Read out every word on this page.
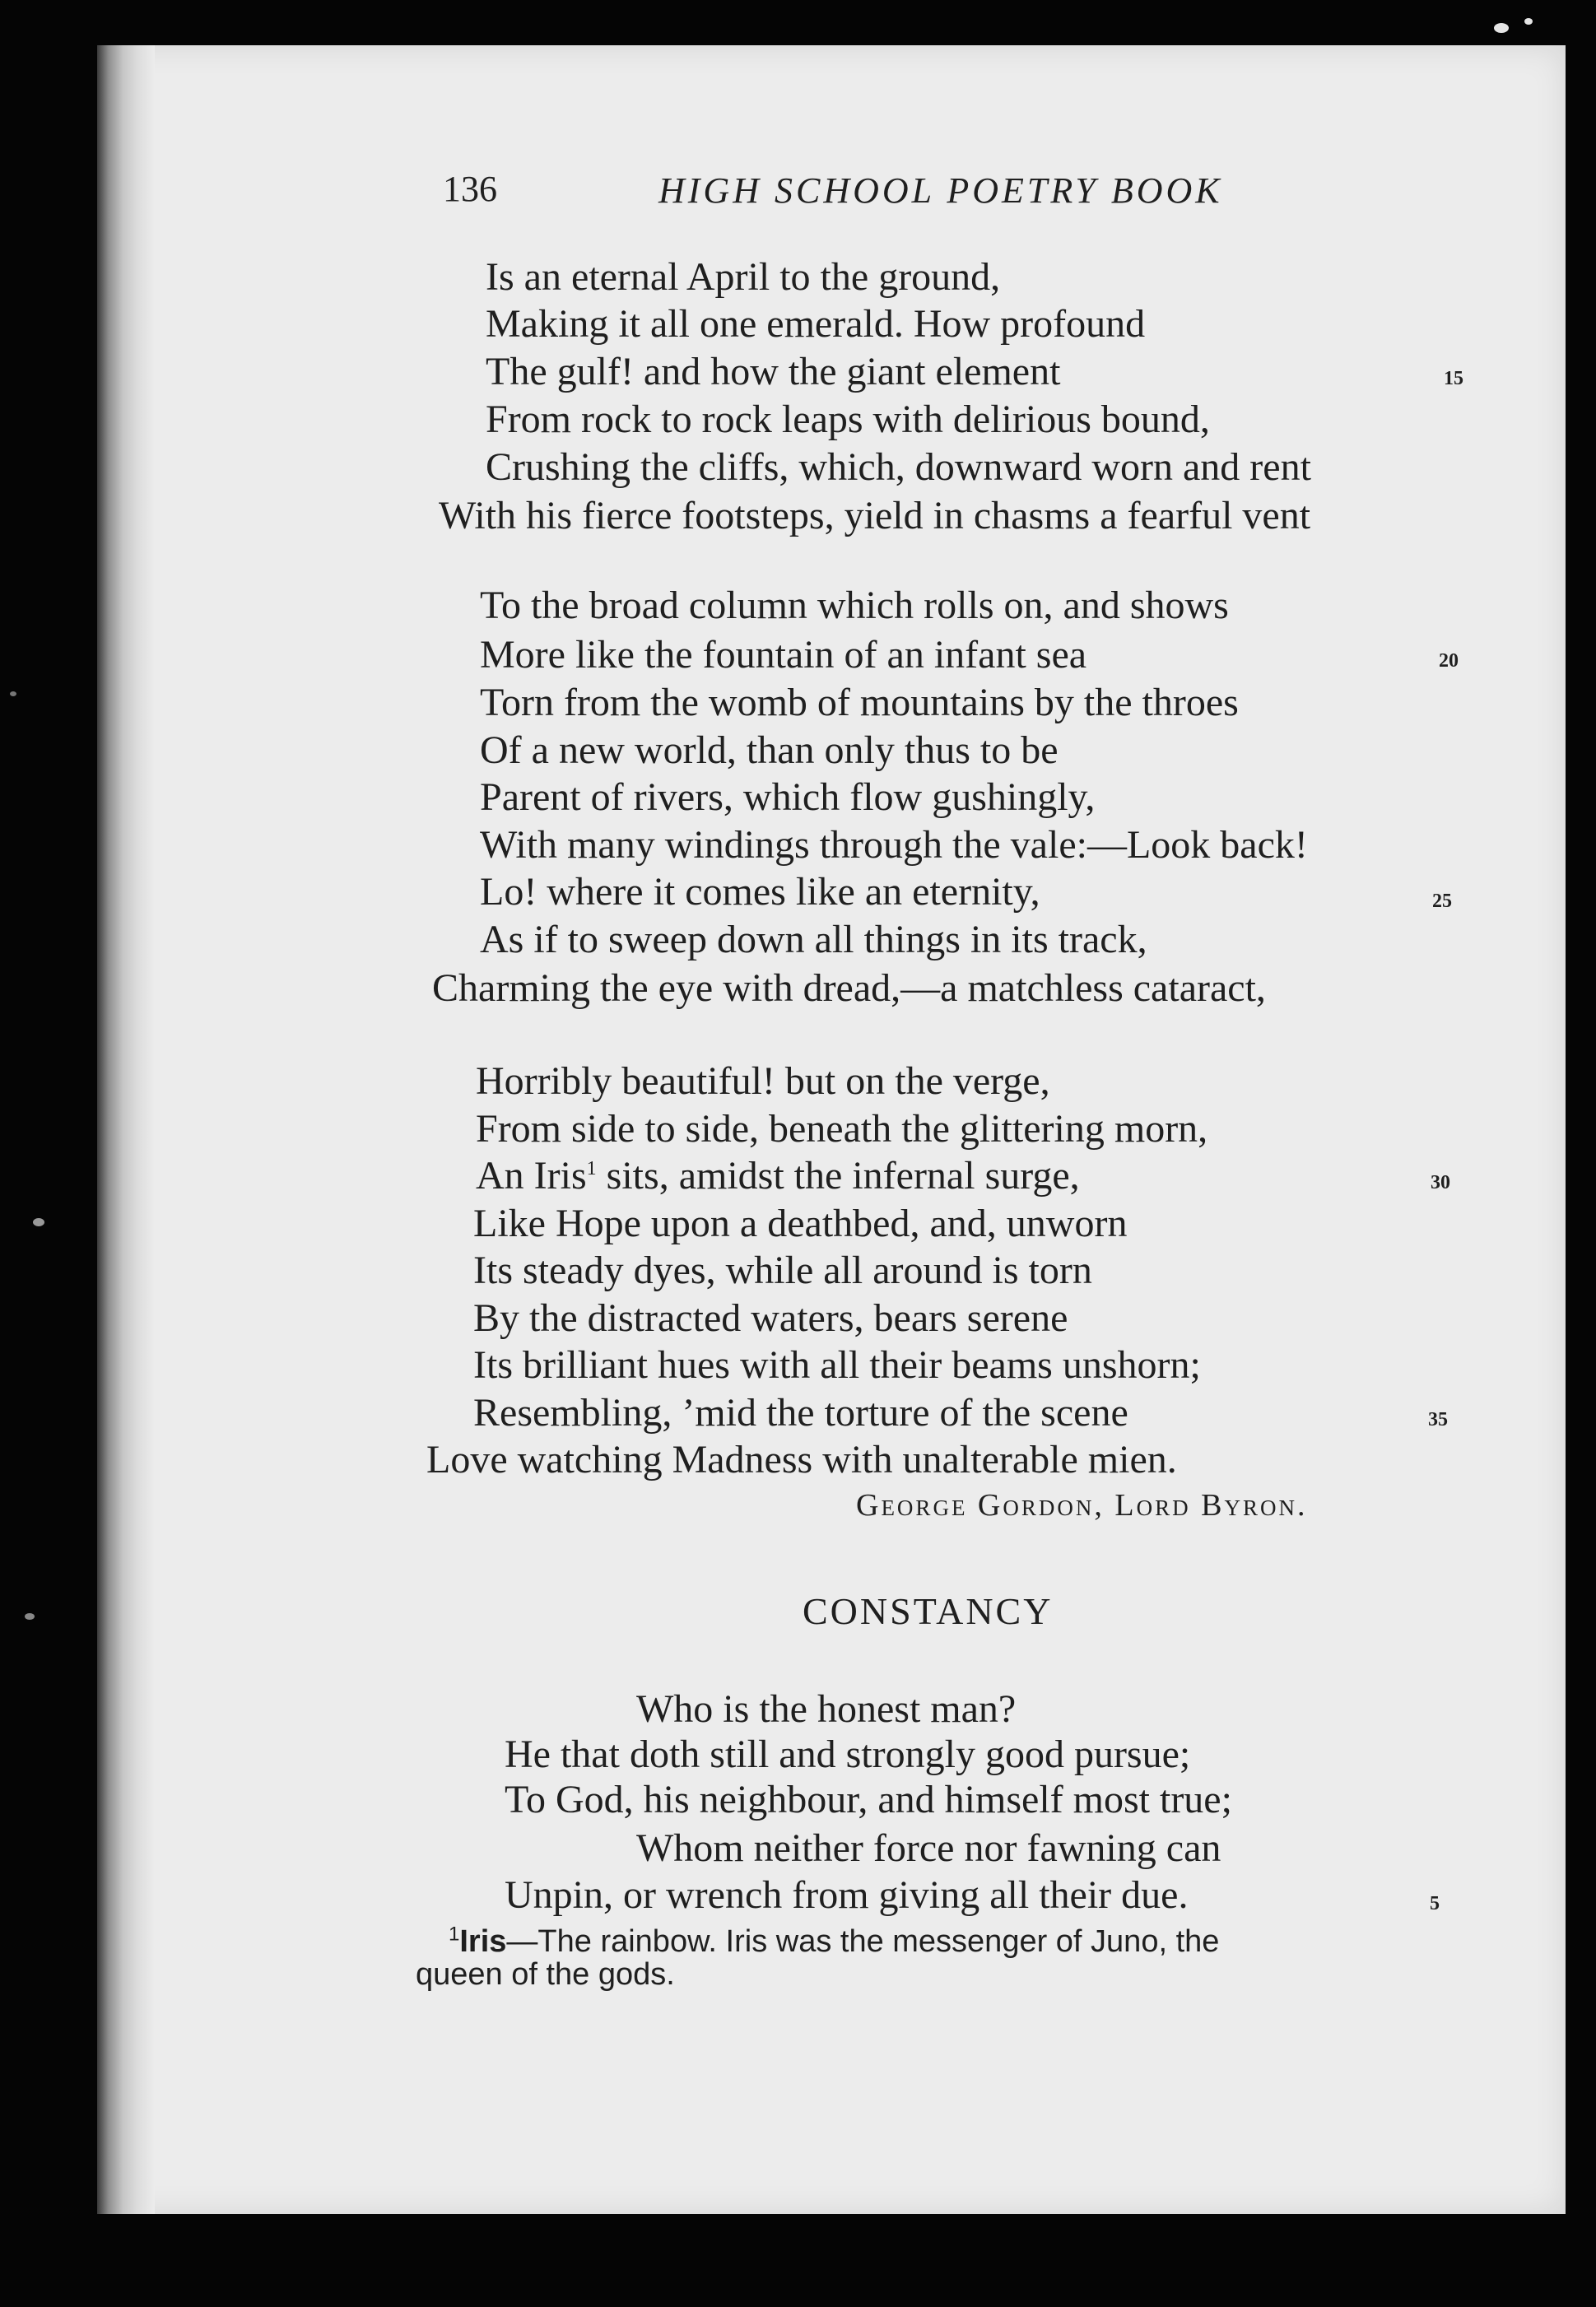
136	HIGH SCHOOL POETRY BOOK
Is an eternal April to the ground,
Making it all one emerald. How profound
The gulf! and how the giant element
From rock to rock leaps with delirious bound,
Crushing the cliffs, which, downward worn and rent
With his fierce footsteps, yield in chasms a fearful vent
To the broad column which rolls on, and shows
More like the fountain of an infant sea
Torn from the womb of mountains by the throes
Of a new world, than only thus to be
Parent of rivers, which flow gushingly,
With many windings through the vale:—Look back!
Lo! where it comes like an eternity,
As if to sweep down all things in its track,
Charming the eye with dread,—a matchless cataract,
Horribly beautiful! but on the verge,
From side to side, beneath the glittering morn,
An Iris$^1$ sits, amidst the infernal surge,
Like Hope upon a deathbed, and, unworn
Its steady dyes, while all around is torn
By the distracted waters, bears serene
Its brilliant hues with all their beams unshorn;
Resembling, ’mid the torture of the scene
Love watching Madness with unalterable mien.
15
20
25
30
35
5
George Gordon, Lord Byron.
CONSTANCY
Who is the honest man?
He that doth still and strongly good pursue;
To God, his neighbour, and himself most true;
Whom neither force nor fawning can
Unpin, or wrench from giving all their due.
$^1$Iris—The rainbow. Iris was the messenger of Juno, the
queen of the gods.
